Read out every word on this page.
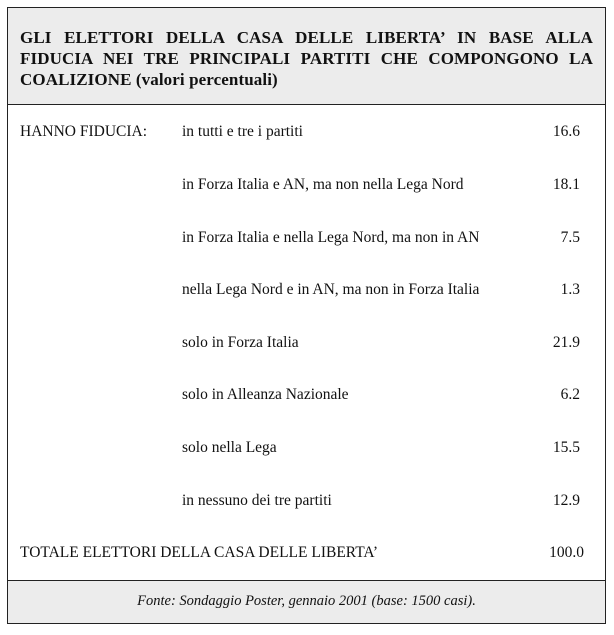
GLI ELETTORI DELLA CASA DELLE LIBERTA’ IN BASE ALLA FIDUCIA NEI TRE PRINCIPALI PARTITI CHE COMPONGONO LA COALIZIONE (valori percentuali)

HANNO FIDUCIA: in tutti e tre i partiti	16.6
in Forza Italia e AN, ma non nella Lega Nord	18.1
in Forza Italia e nella Lega Nord, ma non in AN	7.5
nella Lega Nord e in AN, ma non in Forza Italia	1.3
solo in Forza Italia	21.9
solo in Alleanza Nazionale	6.2
solo nella Lega	15.5
in nessuno dei tre partiti	12.9
TOTALE ELETTORI DELLA CASA DELLE LIBERTA’	100.0
Fonte: Sondaggio Poster, gennaio 2001 (base: 1500 casi).
